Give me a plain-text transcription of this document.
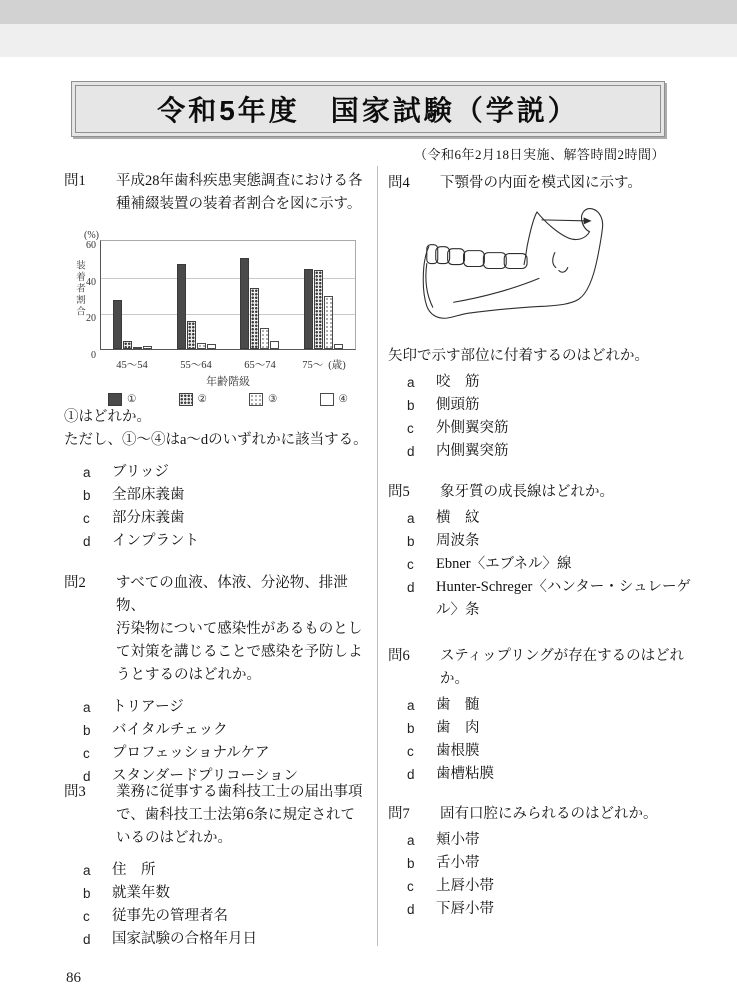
令和5年度　国家試験（学説）
（令和6年2月18日実施、解答時間2時間）
問1	平成28年歯科疾患実態調査における各
種補綴装置の装着者割合を図に示す。
(%)
装着者割合
0
20
40
60
45〜54	55〜64	65〜74	75〜 (歳)
年齢階級
①	②	③	④
①はどれか。
ただし、①〜④はa〜dのいずれかに該当する。
a	ブリッジ
b	全部床義歯
c	部分床義歯
d	インプラント
問2	すべての血液、体液、分泌物、排泄物、
汚染物について感染性があるものとし
て対策を講じることで感染を予防しよ
うとするのはどれか。
a	トリアージ
b	バイタルチェック
c	プロフェッショナルケア
d	スタンダードプリコーション
問3	業務に従事する歯科技工士の届出事項
で、歯科技工士法第6条に規定されて
いるのはどれか。
a	住　所
b	就業年数
c	従事先の管理者名
d	国家試験の合格年月日
問4	下顎骨の内面を模式図に示す。
矢印で示す部位に付着するのはどれか。
a	咬　筋
b	側頭筋
c	外側翼突筋
d	内側翼突筋
問5	象牙質の成長線はどれか。
a	横　紋
b	周波条
c	Ebner〈エブネル〉線
d	Hunter-Schreger〈ハンター・シュレーゲル〉条
問6	スティップリングが存在するのはどれか。
a	歯　髄
b	歯　肉
c	歯根膜
d	歯槽粘膜
問7	固有口腔にみられるのはどれか。
a	頬小帯
b	舌小帯
c	上唇小帯
d	下唇小帯
86
